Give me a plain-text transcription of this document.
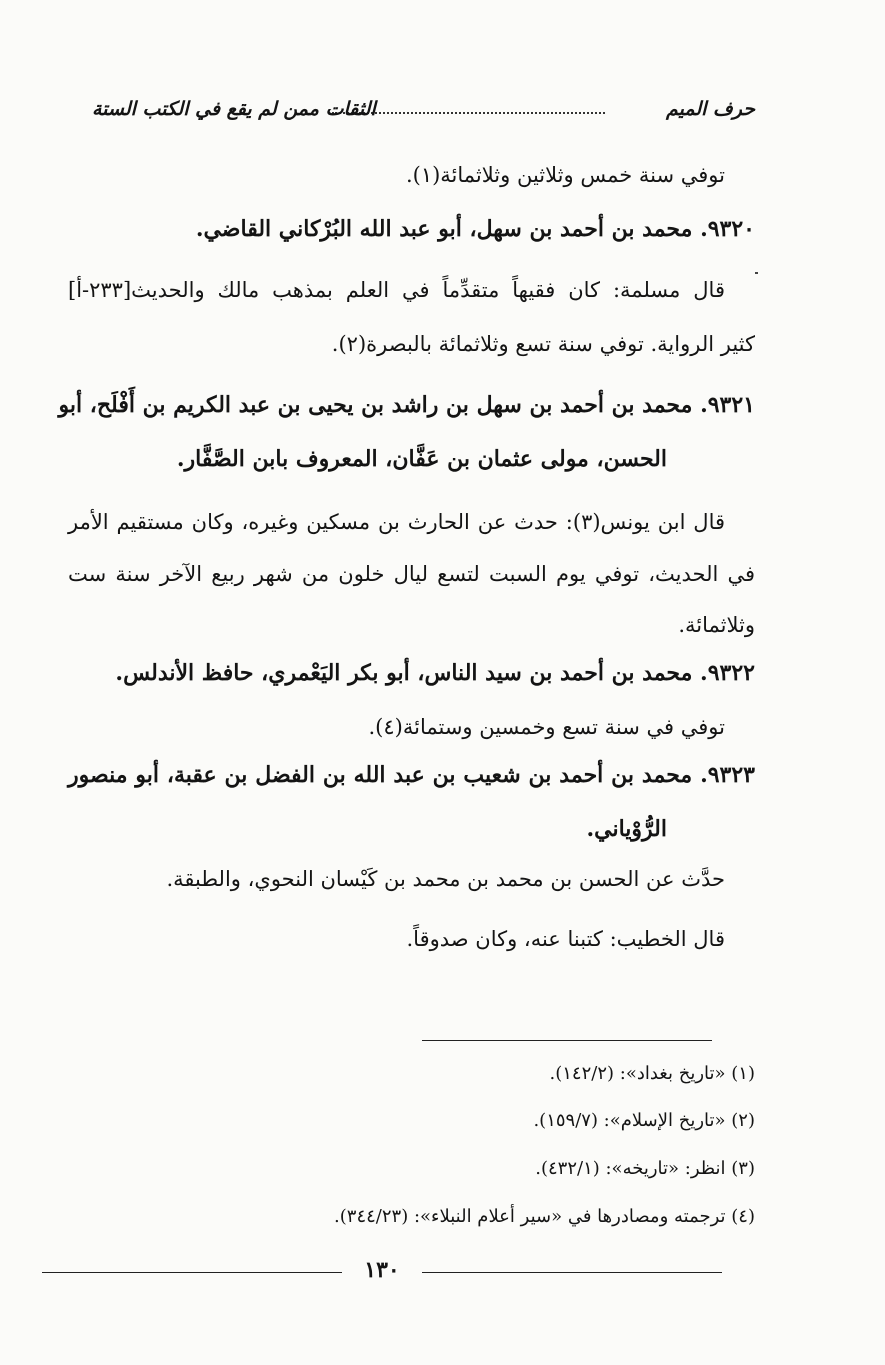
حرف الميم
الثقات ممن لم يقع في الكتب الستة
توفي سنة خمس وثلاثين وثلاثمائة(١).
٩٣٢٠. محمد بن أحمد بن سهل، أبو عبد الله البُرْكاني القاضي.
قال مسلمة: كان فقيهاً متقدِّماً في العلم بمذهب مالك والحديث[٢٣٣-أ]
كثير الرواية. توفي سنة تسع وثلاثمائة بالبصرة(٢).
٩٣٢١. محمد بن أحمد بن سهل بن راشد بن يحيى بن عبد الكريم بن أَفْلَح، أبو
الحسن، مولى عثمان بن عَفَّان، المعروف بابن الصَّفَّار.
قال ابن يونس(٣): حدث عن الحارث بن مسكين وغيره، وكان مستقيم الأمر
في الحديث، توفي يوم السبت لتسع ليال خلون من شهر ربيع الآخر سنة ست
وثلاثمائة.
٩٣٢٢. محمد بن أحمد بن سيد الناس، أبو بكر اليَعْمري، حافظ الأندلس.
توفي في سنة تسع وخمسين وستمائة(٤).
٩٣٢٣. محمد بن أحمد بن شعيب بن عبد الله بن الفضل بن عقبة، أبو منصور
الرُّوْياني.
حدَّث عن الحسن بن محمد بن محمد بن كَيْسان النحوي، والطبقة.
قال الخطيب: كتبنا عنه، وكان صدوقاً.
(١) «تاريخ بغداد»: (١٤٢/٢).
(٢) «تاريخ الإسلام»: (١٥٩/٧).
(٣) انظر: «تاريخه»: (٤٣٢/١).
(٤) ترجمته ومصادرها في «سير أعلام النبلاء»: (٣٤٤/٢٣).
١٣٠
